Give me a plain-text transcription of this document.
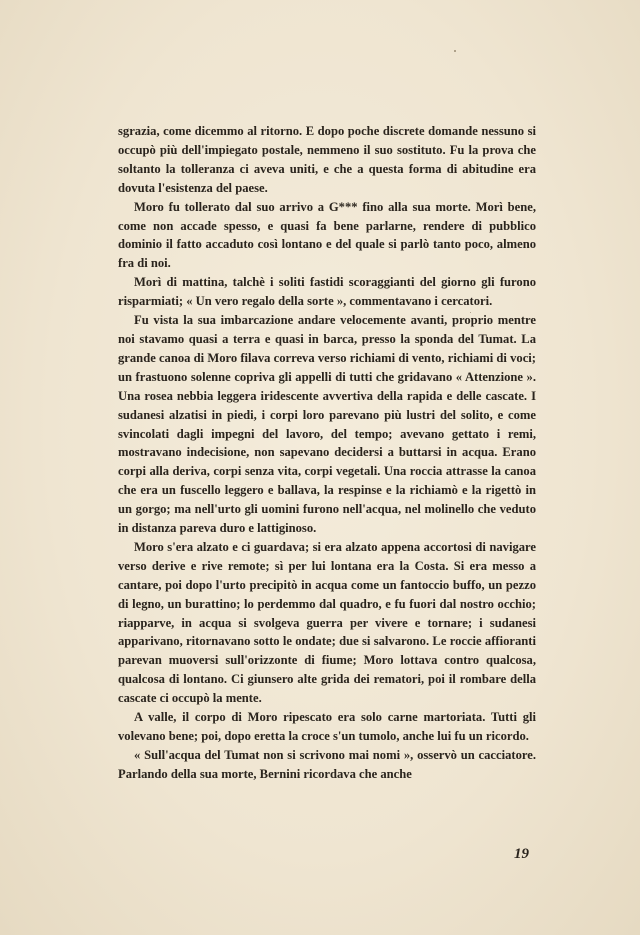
sgrazia, come dicemmo al ritorno. E dopo poche discrete domande nessuno si occupò più dell'impiegato postale, nemmeno il suo sostituto. Fu la prova che soltanto la tolleranza ci aveva uniti, e che a questa forma di abitudine era dovuta l'esistenza del paese.

Moro fu tollerato dal suo arrivo a G*** fino alla sua morte. Morì bene, come non accade spesso, e quasi fa bene parlarne, rendere di pubblico dominio il fatto accaduto così lontano e del quale si parlò tanto poco, almeno fra di noi.

Morì di mattina, talchè i soliti fastidi scoraggianti del giorno gli furono risparmiati; « Un vero regalo della sorte », commentavano i cercatori.

Fu vista la sua imbarcazione andare velocemente avanti, proprio mentre noi stavamo quasi a terra e quasi in barca, presso la sponda del Tumat. La grande canoa di Moro filava correva verso richiami di vento, richiami di voci; un frastuono solenne copriva gli appelli di tutti che gridavano « Attenzione ». Una rosea nebbia leggera iridescente avvertiva della rapida e delle cascate. I sudanesi alzatisi in piedi, i corpi loro parevano più lustri del solito, e come svincolati dagli impegni del lavoro, del tempo; avevano gettato i remi, mostravano indecisione, non sapevano decidersi a buttarsi in acqua. Erano corpi alla deriva, corpi senza vita, corpi vegetali. Una roccia attrasse la canoa che era un fuscello leggero e ballava, la respinse e la richiamò e la rigettò in un gorgo; ma nell'urto gli uomini furono nell'acqua, nel molinello che veduto in distanza pareva duro e lattiginoso.

Moro s'era alzato e ci guardava; si era alzato appena accortosi di navigare verso derive e rive remote; sì per lui lontana era la Costa. Si era messo a cantare, poi dopo l'urto precipitò in acqua come un fantoccio buffo, un pezzo di legno, un burattino; lo perdemmo dal quadro, e fu fuori dal nostro occhio; riapparve, in acqua si svolgeva guerra per vivere e tornare; i sudanesi apparivano, ritornavano sotto le ondate; due si salvarono. Le roccie affioranti parevan muoversi sull'orizzonte di fiume; Moro lottava contro qualcosa, qualcosa di lontano. Ci giunsero alte grida dei rematori, poi il rombare della cascate ci occupò la mente.

A valle, il corpo di Moro ripescato era solo carne martoriata. Tutti gli volevano bene; poi, dopo eretta la croce s'un tumolo, anche lui fu un ricordo.

« Sull'acqua del Tumat non si scrivono mai nomi », osservò un cacciatore. Parlando della sua morte, Bernini ricordava che anche

19
